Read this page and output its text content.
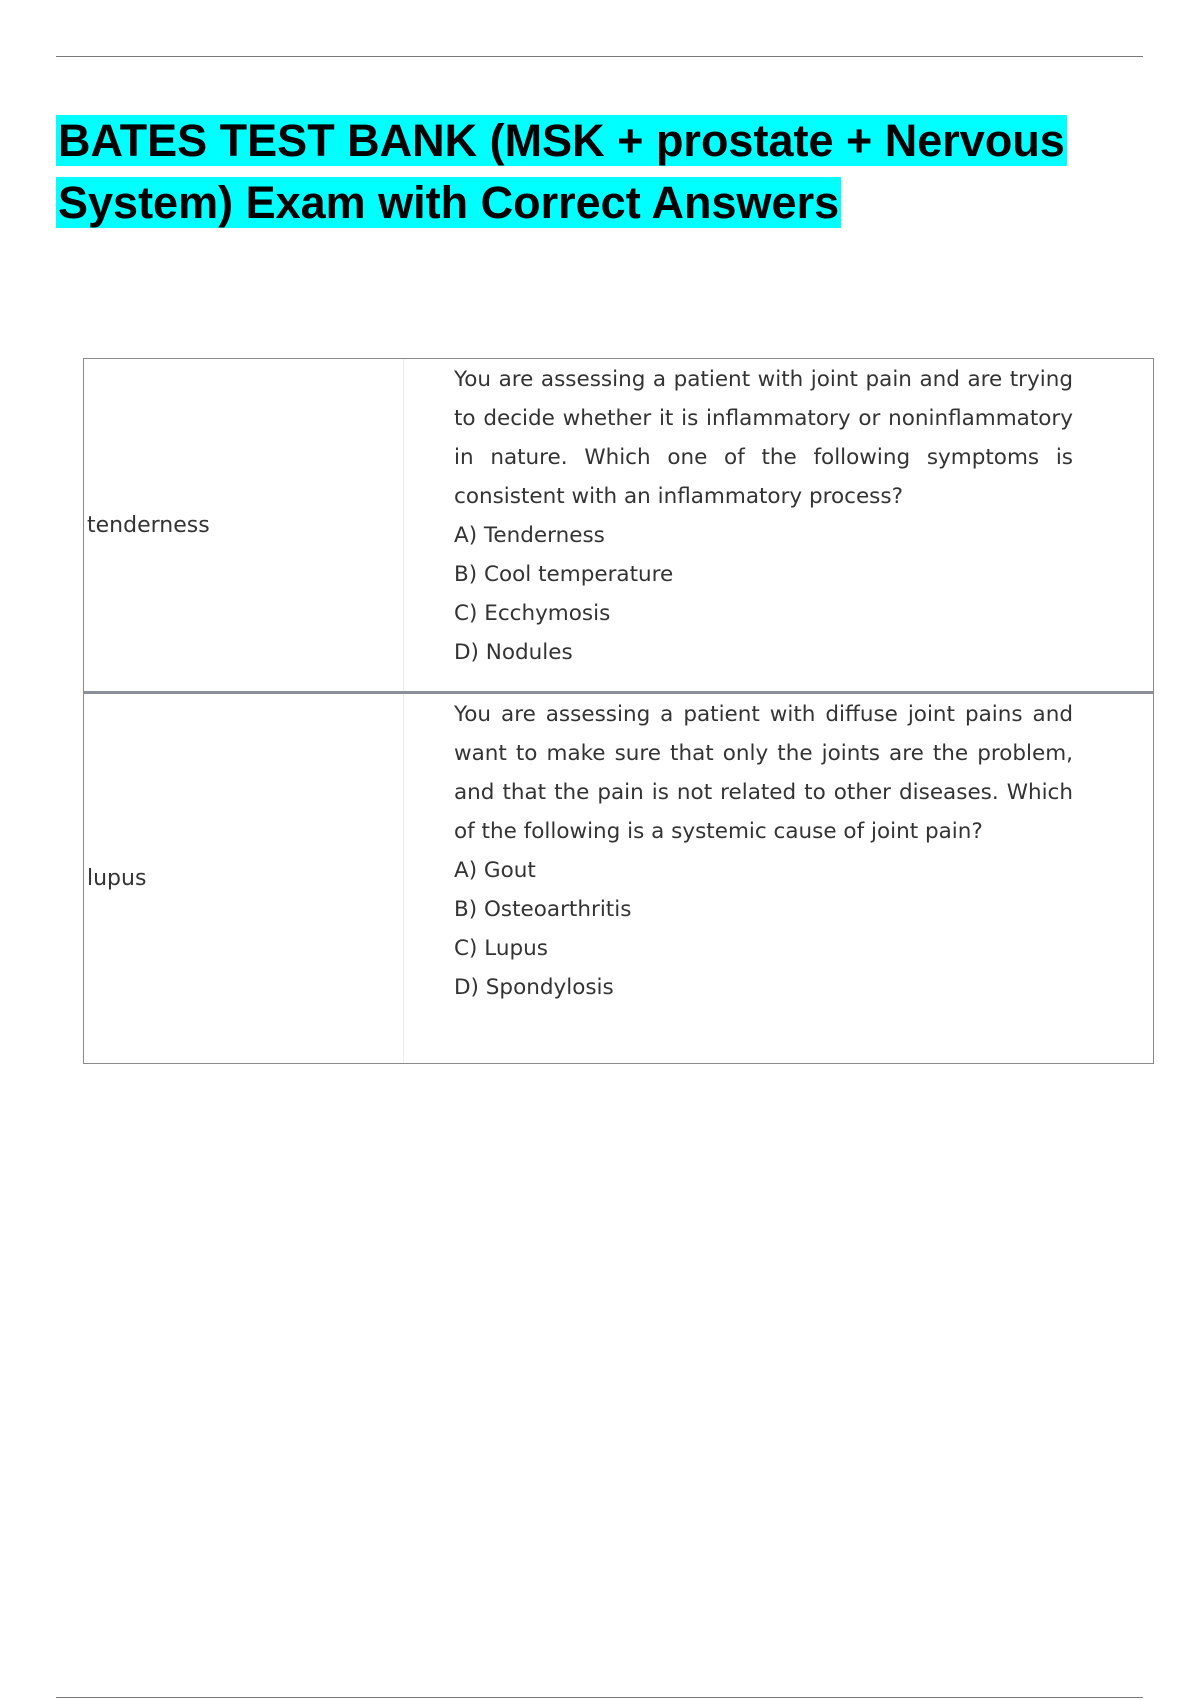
BATES TEST BANK (MSK + prostate + Nervous System) Exam with Correct Answers
tenderness

You are assessing a patient with joint pain and are trying to decide whether it is inflammatory or noninflammatory in nature. Which one of the following symptoms is consistent with an inflammatory process?

A) Tenderness
B) Cool temperature
C) Ecchymosis
D) Nodules
lupus

You are assessing a patient with diffuse joint pains and want to make sure that only the joints are the problem, and that the pain is not related to other diseases. Which of the following is a systemic cause of joint pain?

A) Gout
B) Osteoarthritis
C) Lupus
D) Spondylosis
